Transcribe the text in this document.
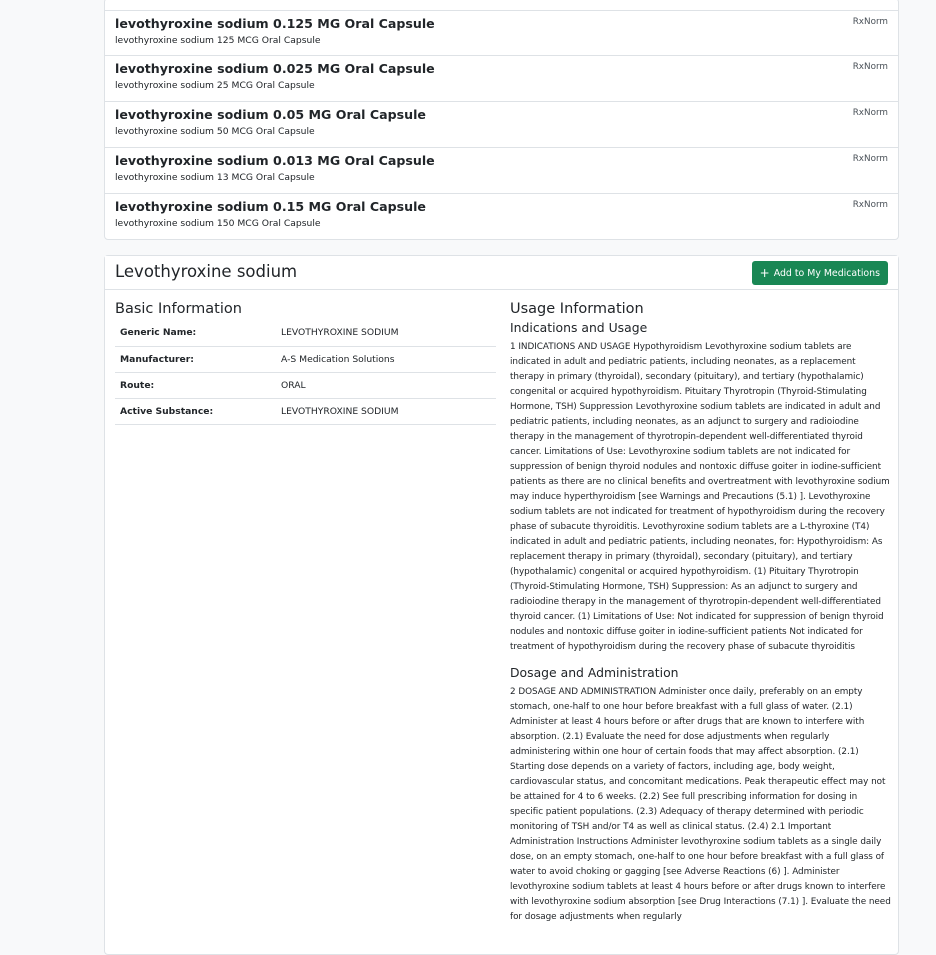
levothyroxine sodium 0.125 MG Oral Capsule
levothyroxine sodium 125 MCG Oral Capsule
RxNorm
levothyroxine sodium 0.025 MG Oral Capsule
levothyroxine sodium 25 MCG Oral Capsule
RxNorm
levothyroxine sodium 0.05 MG Oral Capsule
levothyroxine sodium 50 MCG Oral Capsule
RxNorm
levothyroxine sodium 0.013 MG Oral Capsule
levothyroxine sodium 13 MCG Oral Capsule
RxNorm
levothyroxine sodium 0.15 MG Oral Capsule
levothyroxine sodium 150 MCG Oral Capsule
RxNorm
Levothyroxine sodium	+ Add to My Medications
Basic Information
Generic Name:	LEVOTHYROXINE SODIUM
Manufacturer:	A-S Medication Solutions
Route:	ORAL
Active Substance:	LEVOTHYROXINE SODIUM
Usage Information
Indications and Usage
1 INDICATIONS AND USAGE Hypothyroidism Levothyroxine sodium tablets are indicated in adult and pediatric patients, including neonates, as a replacement therapy in primary (thyroidal), secondary (pituitary), and tertiary (hypothalamic) congenital or acquired hypothyroidism. Pituitary Thyrotropin (Thyroid-Stimulating Hormone, TSH) Suppression Levothyroxine sodium tablets are indicated in adult and pediatric patients, including neonates, as an adjunct to surgery and radioiodine therapy in the management of thyrotropin-dependent well-differentiated thyroid cancer. Limitations of Use: Levothyroxine sodium tablets are not indicated for suppression of benign thyroid nodules and nontoxic diffuse goiter in iodine-sufficient patients as there are no clinical benefits and overtreatment with levothyroxine sodium may induce hyperthyroidism [see Warnings and Precautions (5.1) ]. Levothyroxine sodium tablets are not indicated for treatment of hypothyroidism during the recovery phase of subacute thyroiditis. Levothyroxine sodium tablets are a L-thyroxine (T4) indicated in adult and pediatric patients, including neonates, for: Hypothyroidism: As replacement therapy in primary (thyroidal), secondary (pituitary), and tertiary (hypothalamic) congenital or acquired hypothyroidism. (1) Pituitary Thyrotropin (Thyroid-Stimulating Hormone, TSH) Suppression: As an adjunct to surgery and radioiodine therapy in the management of thyrotropin-dependent well-differentiated thyroid cancer. (1) Limitations of Use: Not indicated for suppression of benign thyroid nodules and nontoxic diffuse goiter in iodine-sufficient patients Not indicated for treatment of hypothyroidism during the recovery phase of subacute thyroiditis
Dosage and Administration
2 DOSAGE AND ADMINISTRATION Administer once daily, preferably on an empty stomach, one-half to one hour before breakfast with a full glass of water. (2.1) Administer at least 4 hours before or after drugs that are known to interfere with absorption. (2.1) Evaluate the need for dose adjustments when regularly administering within one hour of certain foods that may affect absorption. (2.1) Starting dose depends on a variety of factors, including age, body weight, cardiovascular status, and concomitant medications. Peak therapeutic effect may not be attained for 4 to 6 weeks. (2.2) See full prescribing information for dosing in specific patient populations. (2.3) Adequacy of therapy determined with periodic monitoring of TSH and/or T4 as well as clinical status. (2.4) 2.1 Important Administration Instructions Administer levothyroxine sodium tablets as a single daily dose, on an empty stomach, one-half to one hour before breakfast with a full glass of water to avoid choking or gagging [see Adverse Reactions (6) ]. Administer levothyroxine sodium tablets at least 4 hours before or after drugs known to interfere with levothyroxine sodium absorption [see Drug Interactions (7.1) ]. Evaluate the need for dosage adjustments when regularly
